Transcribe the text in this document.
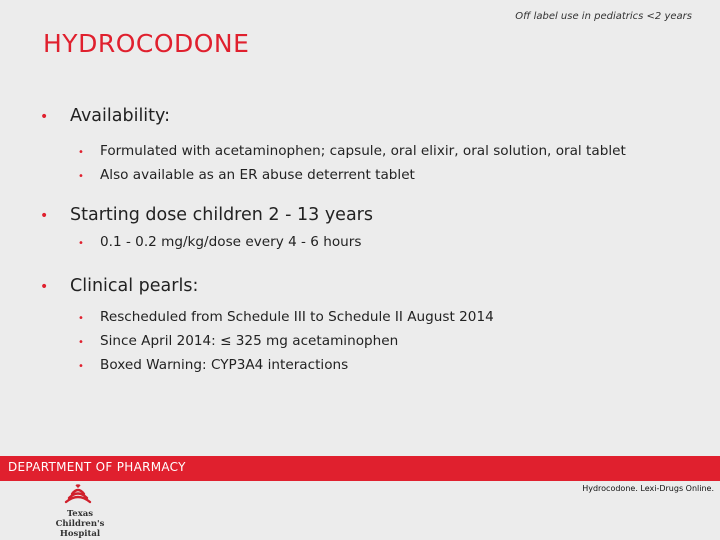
Off label use in pediatrics <2 years
HYDROCODONE
•	Availability:
•	Formulated with acetaminophen; capsule, oral elixir, oral solution, oral tablet
•	Also available as an ER abuse deterrent tablet
•	Starting dose children 2 - 13 years
•	0.1 - 0.2 mg/kg/dose every 4 - 6 hours
•	Clinical pearls:
•	Rescheduled from Schedule III to Schedule II August 2014
•	Since April 2014: ≤ 325 mg acetaminophen
•	Boxed Warning: CYP3A4 interactions
DEPARTMENT OF PHARMACY
Hydrocodone. Lexi-Drugs Online.
Texas Children's
Hospital
